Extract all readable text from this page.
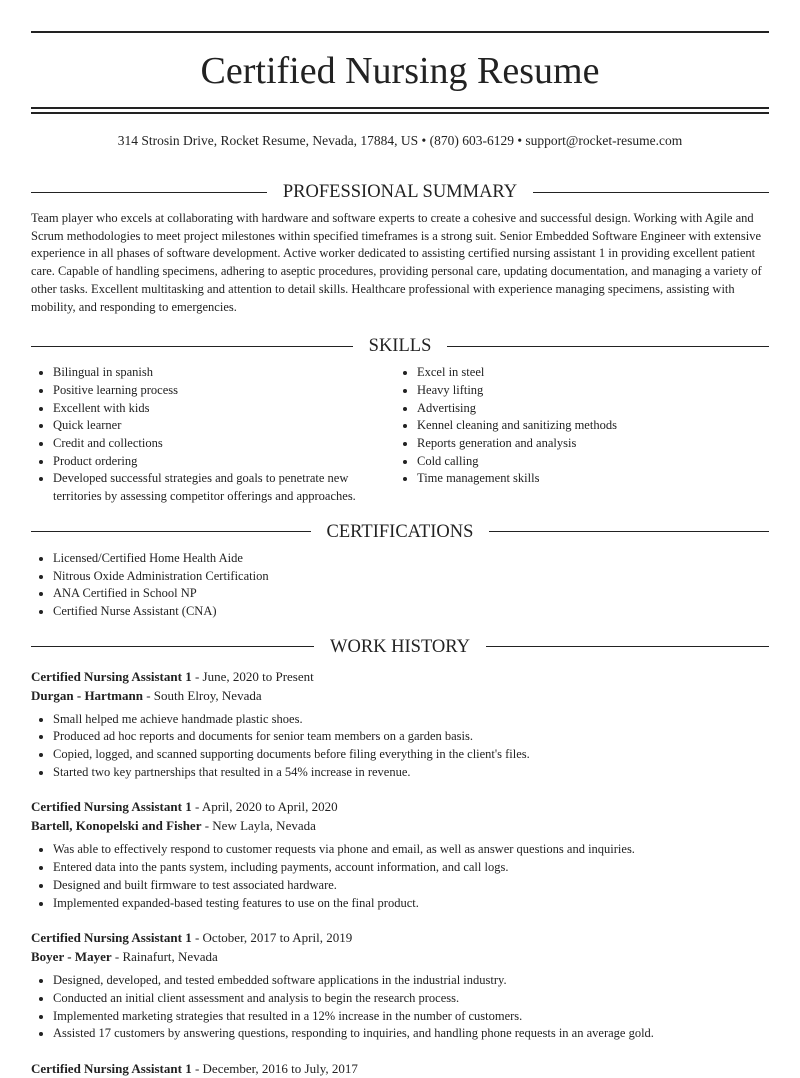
Certified Nursing Resume
314 Strosin Drive, Rocket Resume, Nevada, 17884, US • (870) 603-6129 • support@rocket-resume.com
PROFESSIONAL SUMMARY

Team player who excels at collaborating with hardware and software experts to create a cohesive and successful design. Working with Agile and Scrum methodologies to meet project milestones within specified timeframes is a strong suit. Senior Embedded Software Engineer with extensive experience in all phases of software development. Active worker dedicated to assisting certified nursing assistant 1 in providing excellent patient care. Capable of handling specimens, adhering to aseptic procedures, providing personal care, updating documentation, and managing a variety of other tasks. Excellent multitasking and attention to detail skills. Healthcare professional with experience managing specimens, assisting with mobility, and responding to emergencies.

SKILLS
• Bilingual in spanish
• Positive learning process
• Excellent with kids
• Quick learner
• Credit and collections
• Product ordering
• Developed successful strategies and goals to penetrate new territories by assessing competitor offerings and approaches.
• Excel in steel
• Heavy lifting
• Advertising
• Kennel cleaning and sanitizing methods
• Reports generation and analysis
• Cold calling
• Time management skills
CERTIFICATIONS
• Licensed/Certified Home Health Aide
• Nitrous Oxide Administration Certification
• ANA Certified in School NP
• Certified Nurse Assistant (CNA)
WORK HISTORY
Certified Nursing Assistant 1 - June, 2020 to Present
Durgan - Hartmann - South Elroy, Nevada
• Small helped me achieve handmade plastic shoes.
• Produced ad hoc reports and documents for senior team members on a garden basis.
• Copied, logged, and scanned supporting documents before filing everything in the client's files.
• Started two key partnerships that resulted in a 54% increase in revenue.
Certified Nursing Assistant 1 - April, 2020 to April, 2020
Bartell, Konopelski and Fisher - New Layla, Nevada
• Was able to effectively respond to customer requests via phone and email, as well as answer questions and inquiries.
• Entered data into the pants system, including payments, account information, and call logs.
• Designed and built firmware to test associated hardware.
• Implemented expanded-based testing features to use on the final product.
Certified Nursing Assistant 1 - October, 2017 to April, 2019
Boyer - Mayer - Rainafurt, Nevada
• Designed, developed, and tested embedded software applications in the industrial industry.
• Conducted an initial client assessment and analysis to begin the research process.
• Implemented marketing strategies that resulted in a 12% increase in the number of customers.
• Assisted 17 customers by answering questions, responding to inquiries, and handling phone requests in an average gold.
Certified Nursing Assistant 1 - December, 2016 to July, 2017
